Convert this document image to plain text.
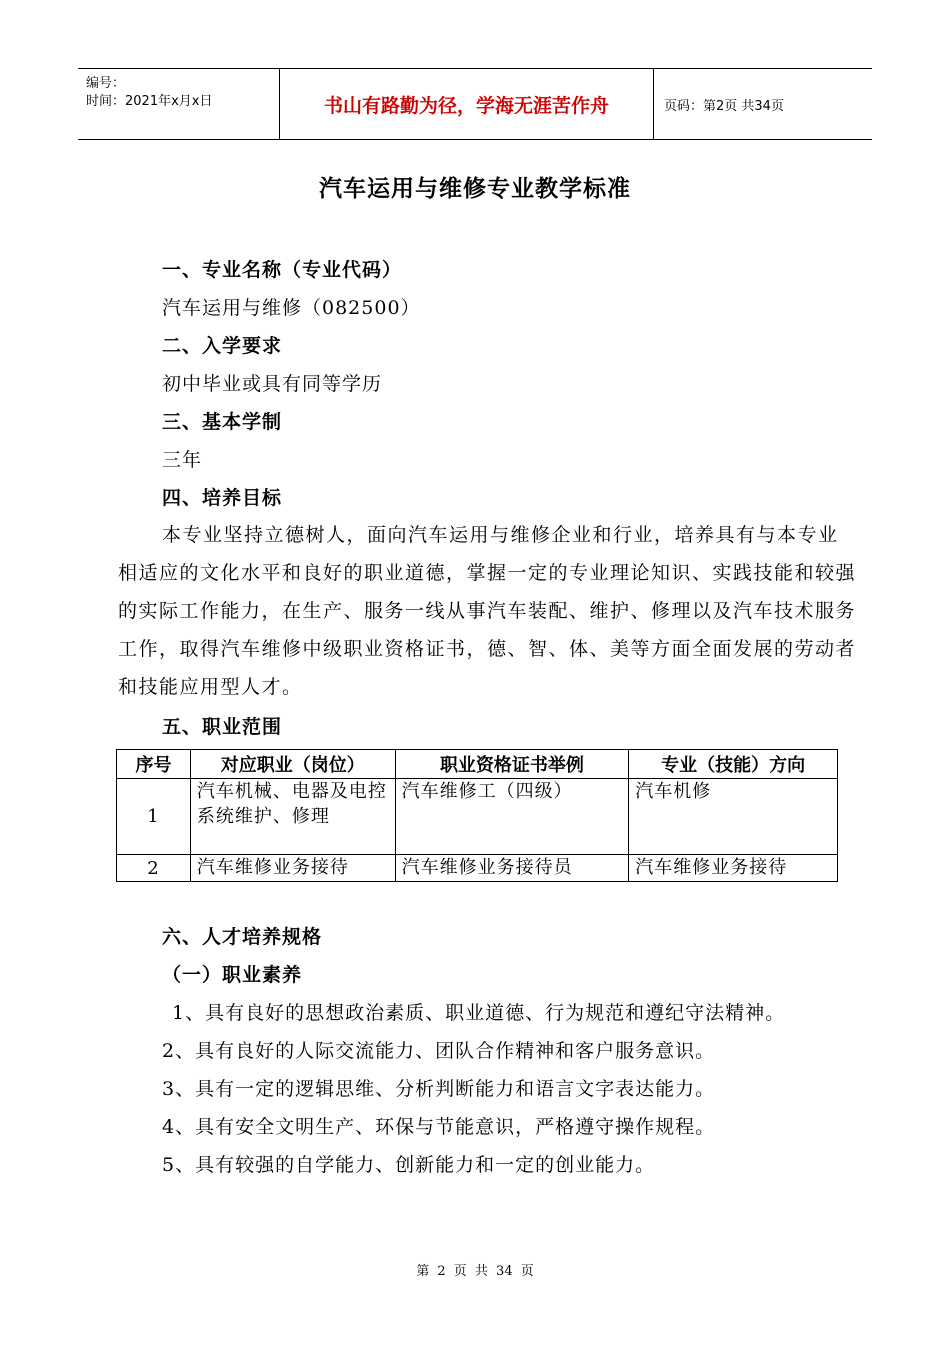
编号：
时间：2021年x月x日	书山有路勤为径，学海无涯苦作舟	页码：第2页 共34页
汽车运用与维修专业教学标准
一、专业名称（专业代码）
汽车运用与维修（082500）
二、入学要求
初中毕业或具有同等学历
三、基本学制
三年
四、培养目标
本专业坚持立德树人，面向汽车运用与维修企业和行业，培养具有与本专业相适应的文化水平和良好的职业道德，掌握一定的专业理论知识、实践技能和较强的实际工作能力，在生产、服务一线从事汽车装配、维护、修理以及汽车技术服务工作，取得汽车维修中级职业资格证书，德、智、体、美等方面全面发展的劳动者和技能应用型人才。
五、职业范围
序号	对应职业（岗位）	职业资格证书举例	专业（技能）方向
1	汽车机械、电器及电控系统维护、修理	汽车维修工（四级）	汽车机修
2	汽车维修业务接待	汽车维修业务接待员	汽车维修业务接待
六、人才培养规格
（一）职业素养
1、具有良好的思想政治素质、职业道德、行为规范和遵纪守法精神。
2、具有良好的人际交流能力、团队合作精神和客户服务意识。
3、具有一定的逻辑思维、分析判断能力和语言文字表达能力。
4、具有安全文明生产、环保与节能意识，严格遵守操作规程。
5、具有较强的自学能力、创新能力和一定的创业能力。
第 2 页 共 34 页
